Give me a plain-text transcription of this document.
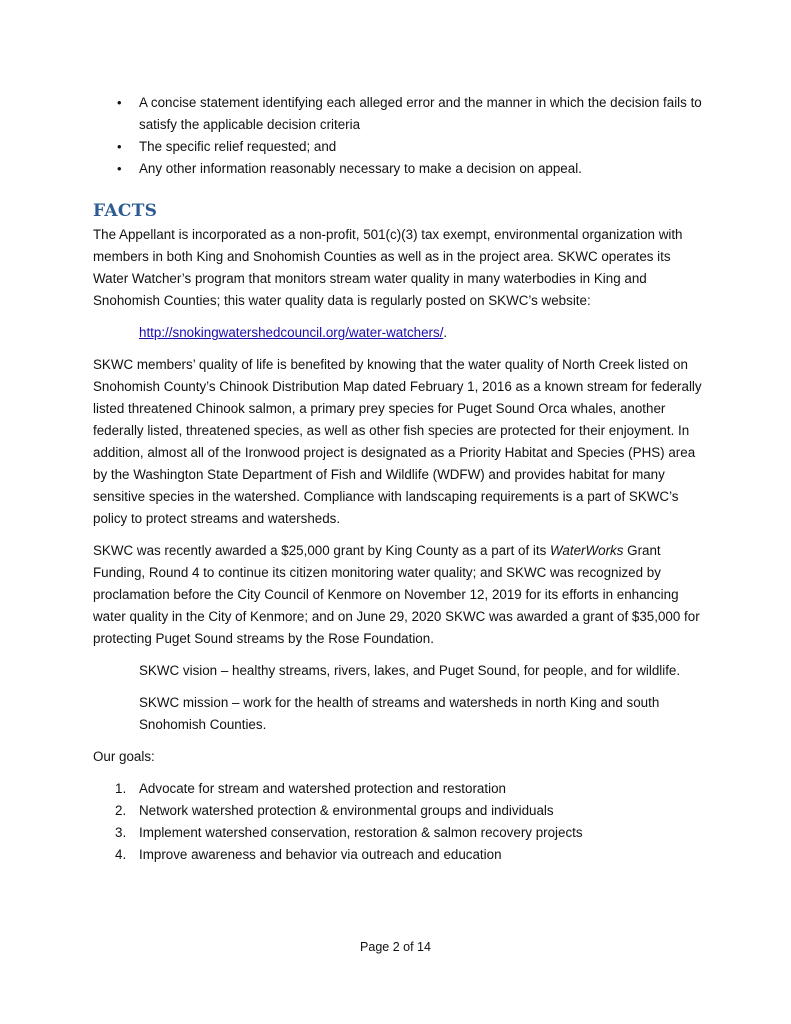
• A concise statement identifying each alleged error and the manner in which the decision fails to satisfy the applicable decision criteria
• The specific relief requested; and
• Any other information reasonably necessary to make a decision on appeal.
FACTS

The Appellant is incorporated as a non-profit, 501(c)(3) tax exempt, environmental organization with members in both King and Snohomish Counties as well as in the project area. SKWC operates its Water Watcher’s program that monitors stream water quality in many waterbodies in King and Snohomish Counties; this water quality data is regularly posted on SKWC’s website:

http://snokingwatershedcouncil.org/water-watchers/.

SKWC members’ quality of life is benefited by knowing that the water quality of North Creek listed on Snohomish County’s Chinook Distribution Map dated February 1, 2016 as a known stream for federally listed threatened Chinook salmon, a primary prey species for Puget Sound Orca whales, another federally listed, threatened species, as well as other fish species are protected for their enjoyment. In addition, almost all of the Ironwood project is designated as a Priority Habitat and Species (PHS) area by the Washington State Department of Fish and Wildlife (WDFW) and provides habitat for many sensitive species in the watershed. Compliance with landscaping requirements is a part of SKWC’s policy to protect streams and watersheds.

SKWC was recently awarded a $25,000 grant by King County as a part of its WaterWorks Grant Funding, Round 4 to continue its citizen monitoring water quality; and SKWC was recognized by proclamation before the City Council of Kenmore on November 12, 2019 for its efforts in enhancing water quality in the City of Kenmore; and on June 29, 2020 SKWC was awarded a grant of $35,000 for protecting Puget Sound streams by the Rose Foundation.

SKWC vision – healthy streams, rivers, lakes, and Puget Sound, for people, and for wildlife.

SKWC mission – work for the health of streams and watersheds in north King and south Snohomish Counties.

Our goals:

1. Advocate for stream and watershed protection and restoration
2. Network watershed protection & environmental groups and individuals
3. Implement watershed conservation, restoration & salmon recovery projects
4. Improve awareness and behavior via outreach and education
Page 2 of 14
